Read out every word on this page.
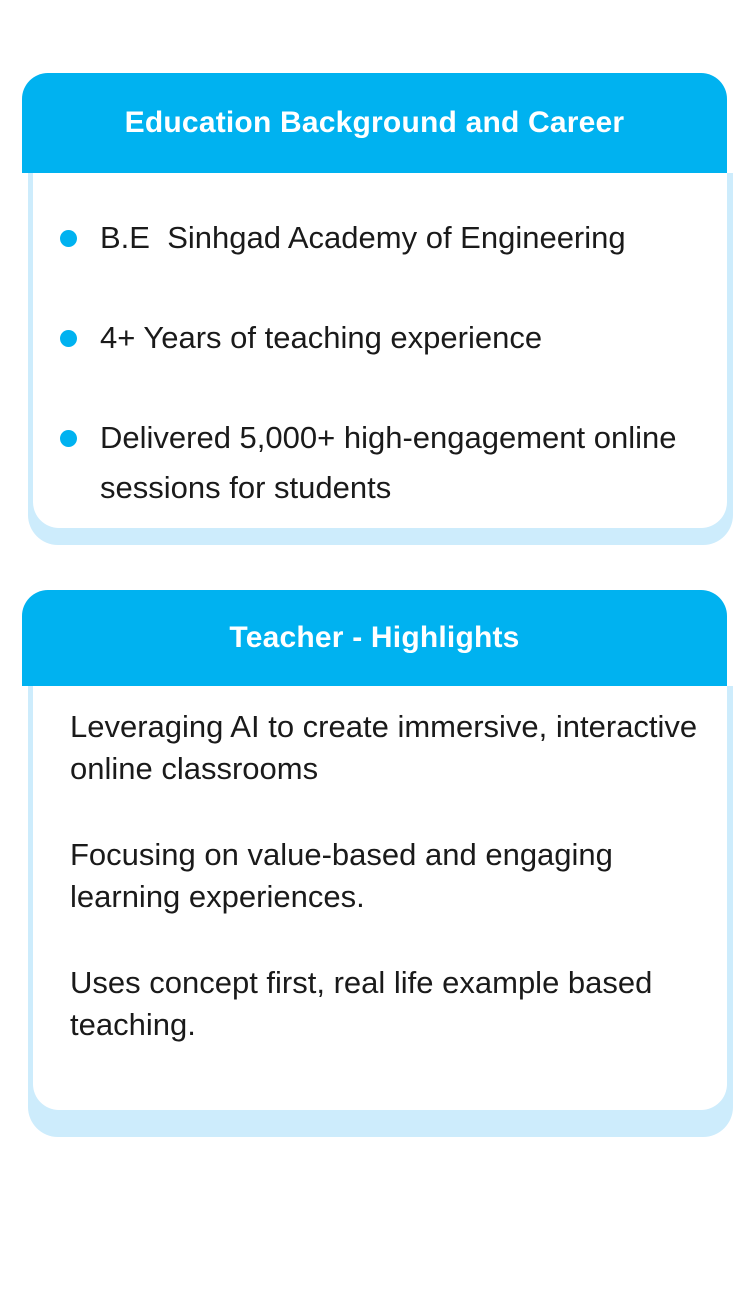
Education Background and Career
B.E  Sinhgad Academy of Engineering
4+ Years of teaching experience
Delivered 5,000+ high-engagement online sessions for students
Teacher - Highlights

Leveraging AI to create immersive, interactive online classrooms

Focusing on value-based and engaging learning experiences.

Uses concept first, real life example based teaching.
